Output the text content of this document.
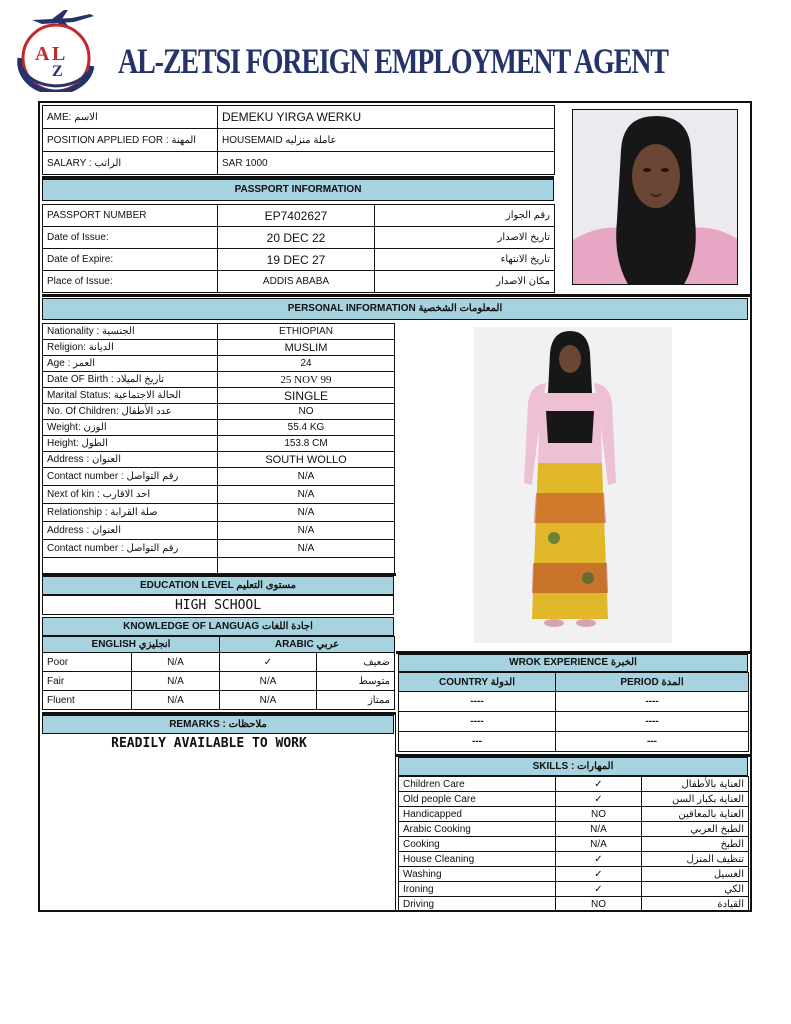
A L
Z AL-ZETSI FOREIGN EMPLOYMENT AGENT
AME: الاسم	DEMEKU YIRGA WERKU
POSITION APPLIED FOR : المهنة	HOUSEMAID عاملة منزليه
SALARY : الراتب	SAR 1000
PASSPORT INFORMATION
PASSPORT NUMBER	EP7402627	رقم الجواز
Date of Issue:	20 DEC 22	تاريخ الاصدار
Date of Expire:	19 DEC 27	تاريخ الانتهاء
Place of Issue:	ADDIS ABABA	مكان الاصدار
PERSONAL INFORMATION المعلومات الشخصية
Nationality : الجنسية	ETHIOPIAN
Religion: الديانة	MUSLIM
Age : العمر	24
Date OF Birth : تاريخ الميلاد	25 NOV 99
Marital Status: الحالة الاجتماعية	SINGLE
No. Of Children: عدد الأطفال	NO
Weight: الوزن	55.4 KG
Height: الطول	153.8 CM
Address : العنوان	SOUTH WOLLO
Contact number : رقم التواصل	N/A
Next of kin : احد الاقارب	N/A
Relationship : صلة القرابة	N/A
Address : العنوان	N/A
Contact number : رقم التواصل	N/A

EDUCATION LEVEL مستوى التعليم
HIGH SCHOOL
KNOWLEDGE OF LANGUAG اجادة اللغات
ENGLISH انجليزي		ARABIC عربي	
Poor	N/A	✓	ضعيف
Fair	N/A	N/A	متوسط
Fluent	N/A	N/A	ممتاز
REMARKS : ملاحظات
READILY AVAILABLE TO WORK
WROK EXPERIENCE الخبرة
COUNTRY الدولة	PERIOD المدة
----	----
----	----
---	---
SKILLS : المهارات
Children Care	✓	العناية بالأطفال
Old people Care	✓	العناية بكبار السن
Handicapped	NO	العناية بالمعاقين
Arabic Cooking	N/A	الطبخ العربي
Cooking	N/A	الطبخ
House Cleaning	✓	تنظيف المنزل
Washing	✓	الغسيل
Ironing	✓	الكي
Driving	NO	القيادة
